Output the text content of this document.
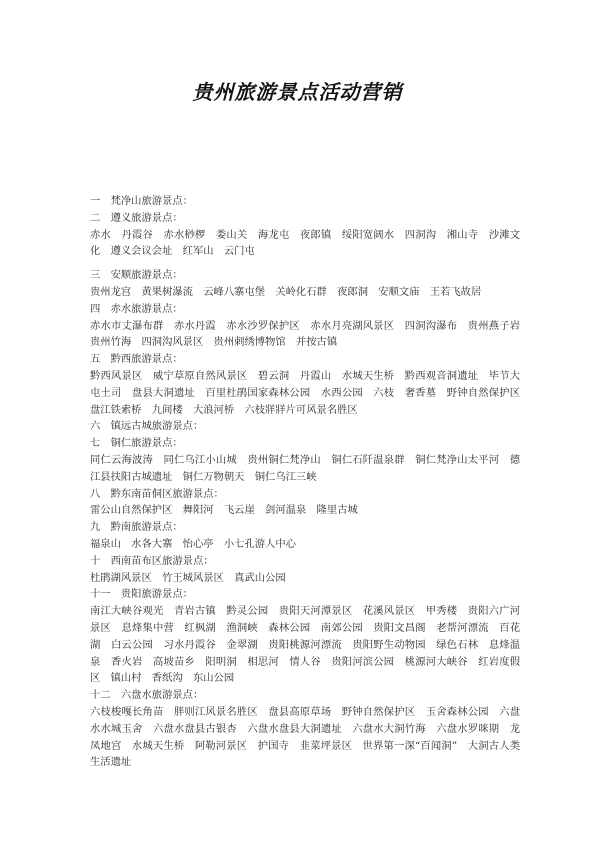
贵州旅游景点活动营销
一　梵净山旅游景点：
二　遵义旅游景点：
赤水　丹霞谷　赤水桫椤　娄山关　海龙屯　夜郎镇　绥阳宽阔水　四洞沟　湘山寺　沙滩文化　遵义会议会址　红军山　云门屯
三　安顺旅游景点：
贵州龙宫　黄果树瀑流　云峰八寨屯堡　关岭化石群　夜郎洞　安顺文庙　王若飞故居
四　赤水旅游景点：
赤水市丈瀑布群　赤水丹霞　赤水沙罗保护区　赤水月亮湖风景区　四洞沟瀑布　贵州燕子岩　贵州竹海　四洞沟风景区　贵州刺绣博物馆　并按古镇
五　黔西旅游景点：
黔西风景区　威宁草原自然风景区　碧云洞　丹霞山　水城天生桥　黔西观音洞遗址　毕节大屯土司　盘县大洞遗址　百里杜鹃国家森林公园　水西公园　六枝　奢香墓　野钟自然保护区　盘江铁索桥　九间楼　大浪河桥　六枝牂牂片可风景名胜区
六　镇远古城旅游景点：
七　铜仁旅游景点：
同仁云海波涛　同仁乌江小山城　贵州铜仁梵净山　铜仁石阡温泉群　铜仁梵净山太平河　德江县扶阳古城遗址　铜仁万物朝天　铜仁乌江三峡
八　黔东南苗侗区旅游景点：
雷公山自然保护区　舞阳河　飞云崖　剑河温泉　隆里古城
九　黔南旅游景点：
福泉山　水各大寨　怡心亭　小七孔游人中心
十　西南苗布区旅游景点：
杜鹃湖风景区　竹王城风景区　真武山公园
十一　贵阳旅游景点：
南江大峡谷观光　青岩古镇　黔灵公园　贵阳天河潭景区　花溪风景区　甲秀楼　贵阳六广河景区　息烽集中营　红枫湖　渔洞峡　森林公园　南郊公园　贵阳文昌阁　老帮河漂流　百花湖　白云公园　习水丹霞谷　金翠湖　贵阳桃源河漂流　贵阳野生动物园　绿色石林　息烽温泉　香火岩　高坡苗乡　阳明洞　相思河　情人谷　贵阳河滨公园　桃源河大峡谷　红岩度假区　镇山村　香纸沟　东山公园
十二　六盘水旅游景点：
六枝梭嘎长角苗　胖则江风景名胜区　盘县高原草场　野钟自然保护区　玉舍森林公园　六盘水水城玉舍　六盘水盘县古银杏　六盘水盘县大洞遗址　六盘水大洞竹海　六盘水罗咪期　龙凤地宫　水城天生桥　阿勒河景区　护国寺　韭菜坪景区　世界第一深“百闻洞”　大洞古人类生活遗址
